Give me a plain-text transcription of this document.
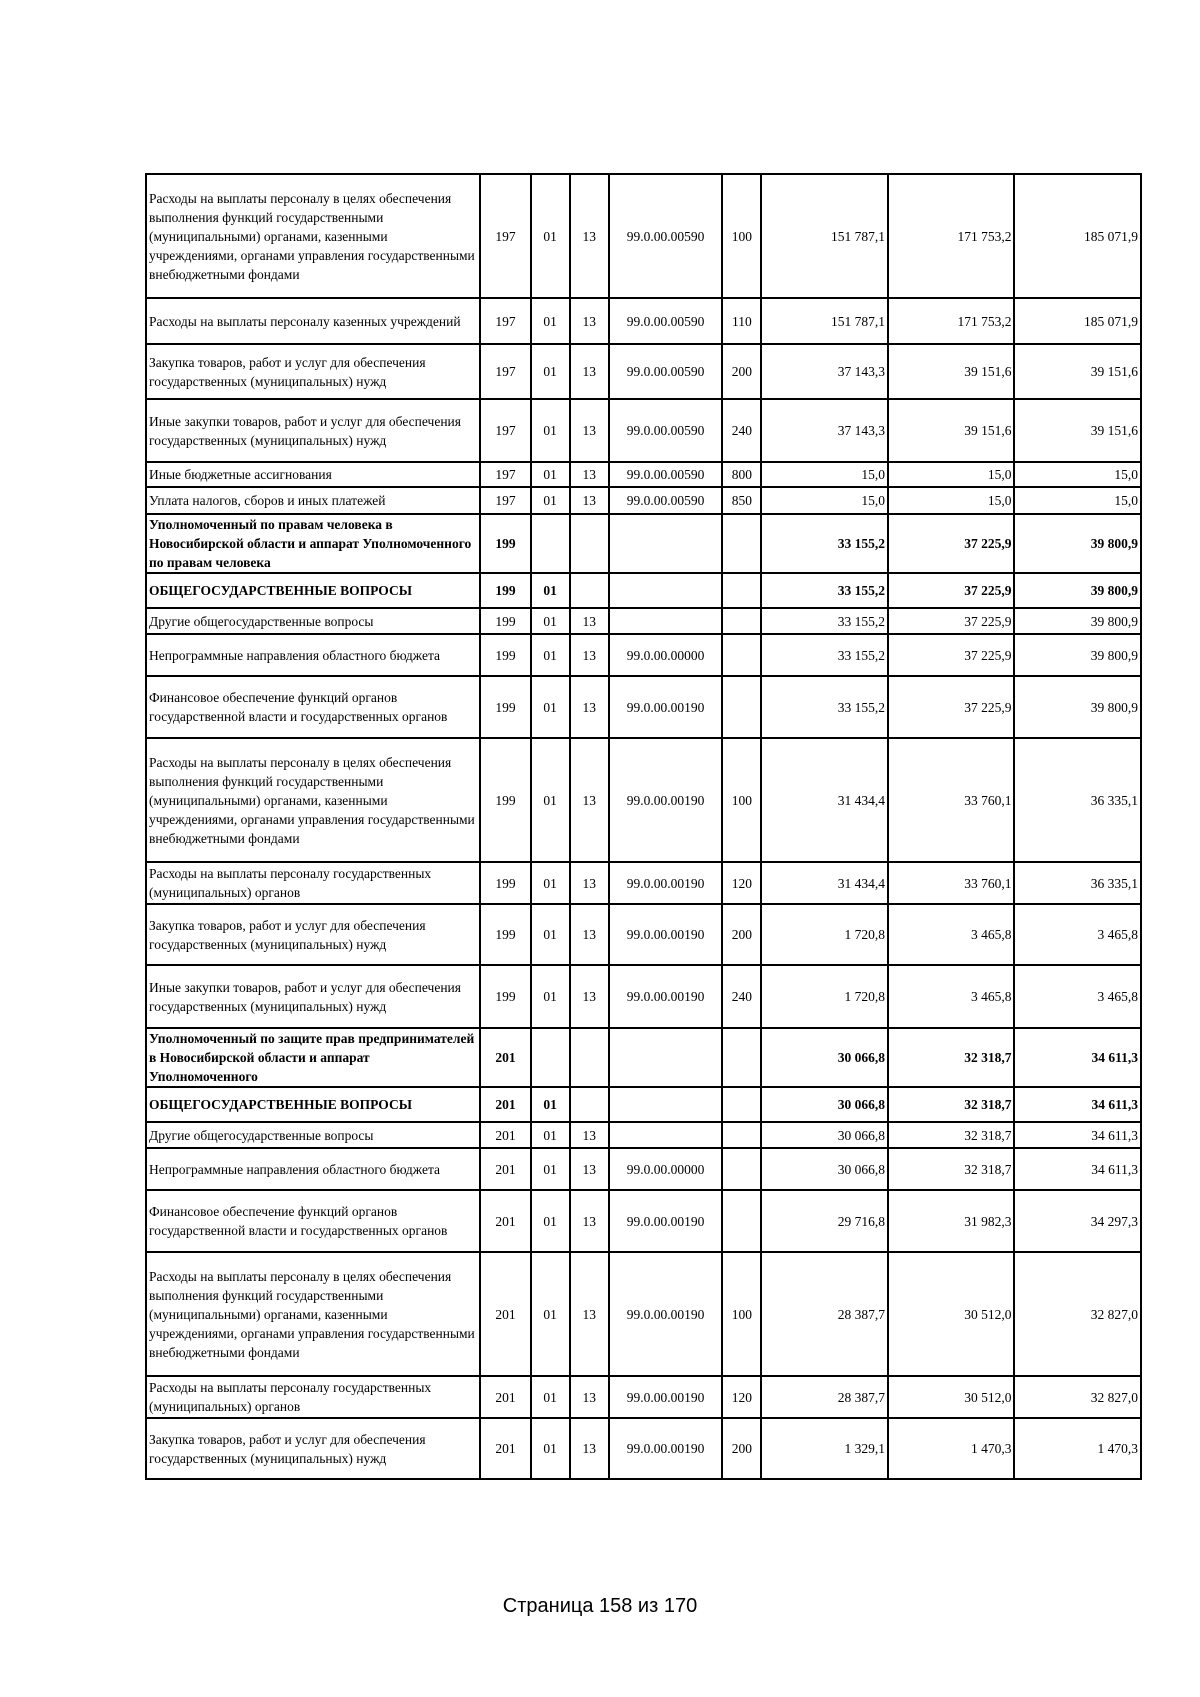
Расходы на выплаты персоналу в целях обеспечения выполнения функций государственными (муниципальными) органами, казенными учреждениями, органами управления государственными внебюджетными фондами	197	01	13	99.0.00.00590	100	151 787,1	171 753,2	185 071,9
Расходы на выплаты персоналу казенных учреждений	197	01	13	99.0.00.00590	110	151 787,1	171 753,2	185 071,9
Закупка товаров, работ и услуг для обеспечения государственных (муниципальных) нужд	197	01	13	99.0.00.00590	200	37 143,3	39 151,6	39 151,6
Иные закупки товаров, работ и услуг для обеспечения государственных (муниципальных) нужд	197	01	13	99.0.00.00590	240	37 143,3	39 151,6	39 151,6
Иные бюджетные ассигнования	197	01	13	99.0.00.00590	800	15,0	15,0	15,0
Уплата налогов, сборов и иных платежей	197	01	13	99.0.00.00590	850	15,0	15,0	15,0
Уполномоченный по правам человека в Новосибирской области и аппарат Уполномоченного по правам человека	199					33 155,2	37 225,9	39 800,9
ОБЩЕГОСУДАРСТВЕННЫЕ ВОПРОСЫ	199	01				33 155,2	37 225,9	39 800,9
Другие общегосударственные вопросы	199	01	13			33 155,2	37 225,9	39 800,9
Непрограммные направления областного бюджета	199	01	13	99.0.00.00000		33 155,2	37 225,9	39 800,9
Финансовое обеспечение функций органов государственной власти и государственных органов	199	01	13	99.0.00.00190		33 155,2	37 225,9	39 800,9
Расходы на выплаты персоналу в целях обеспечения выполнения функций государственными (муниципальными) органами, казенными учреждениями, органами управления государственными внебюджетными фондами	199	01	13	99.0.00.00190	100	31 434,4	33 760,1	36 335,1
Расходы на выплаты персоналу государственных (муниципальных) органов	199	01	13	99.0.00.00190	120	31 434,4	33 760,1	36 335,1
Закупка товаров, работ и услуг для обеспечения государственных (муниципальных) нужд	199	01	13	99.0.00.00190	200	1 720,8	3 465,8	3 465,8
Иные закупки товаров, работ и услуг для обеспечения государственных (муниципальных) нужд	199	01	13	99.0.00.00190	240	1 720,8	3 465,8	3 465,8
Уполномоченный по защите прав предпринимателей в Новосибирской области и аппарат Уполномоченного	201					30 066,8	32 318,7	34 611,3
ОБЩЕГОСУДАРСТВЕННЫЕ ВОПРОСЫ	201	01				30 066,8	32 318,7	34 611,3
Другие общегосударственные вопросы	201	01	13			30 066,8	32 318,7	34 611,3
Непрограммные направления областного бюджета	201	01	13	99.0.00.00000		30 066,8	32 318,7	34 611,3
Финансовое обеспечение функций органов государственной власти и государственных органов	201	01	13	99.0.00.00190		29 716,8	31 982,3	34 297,3
Расходы на выплаты персоналу в целях обеспечения выполнения функций государственными (муниципальными) органами, казенными учреждениями, органами управления государственными внебюджетными фондами	201	01	13	99.0.00.00190	100	28 387,7	30 512,0	32 827,0
Расходы на выплаты персоналу государственных (муниципальных) органов	201	01	13	99.0.00.00190	120	28 387,7	30 512,0	32 827,0
Закупка товаров, работ и услуг для обеспечения государственных (муниципальных) нужд	201	01	13	99.0.00.00190	200	1 329,1	1 470,3	1 470,3
Страница 158 из 170
